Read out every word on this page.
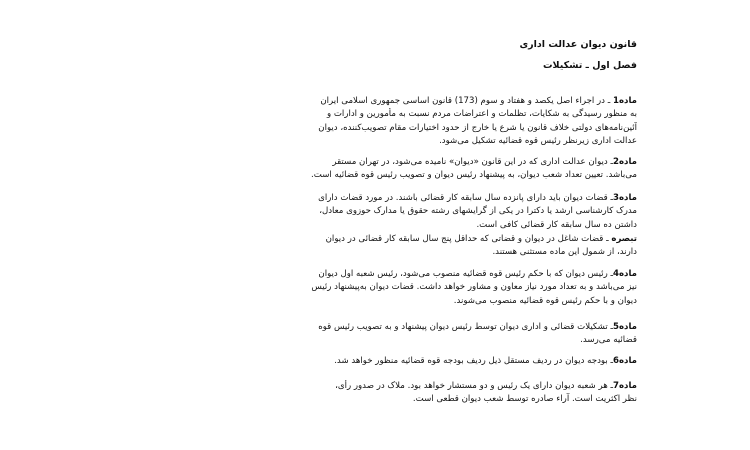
قانون دیوان عدالت اداری
فصل اول ـ تشکیلات
ماده1 ـ در اجراء اصل یکصد و هفتاد و سوم (173) قانون اساسی جمهوری اسلامی ایران
به منظور رسیدگی به شکایات، تظلمات و اعتراضات مردم نسبت به مأمورین و ادارات و
آئین‌نامه‌های دولتی خلاف قانون یا شرع یا خارج از حدود اختیارات مقام تصویب‌کننده، دیوان
عدالت اداری زیرنظر رئیس قوه قضائیه تشکیل می‌شود.
ماده2ـ دیوان عدالت اداری که در این قانون «دیوان» نامیده می‌شود، در تهران مستقر
می‌باشد. تعیین تعداد شعب دیوان، به پیشنهاد رئیس دیوان و تصویب رئیس قوه قضائیه است.
ماده3ـ قضات دیوان باید دارای پانزده سال سابقه کار قضائی باشند. در مورد قضات دارای
مدرک کارشناسی ارشد یا دکترا در یکی از گرایشهای رشته حقوق یا مدارک حوزوی معادل،
داشتن ده سال سابقه کار قضائی کافی است.
تبصره ـ قضات شاغل در دیوان و قضاتی که حداقل پنج سال سابقه کار قضائی در دیوان
دارند، از شمول این ماده مستثنی هستند.
ماده4ـ رئیس دیوان که با حکم رئیس قوه قضائیه منصوب می‌شود، رئیس شعبه اول دیوان
نیز می‌باشد و به تعداد مورد نیاز معاون و مشاور خواهد داشت. قضات دیوان به‌پیشنهاد رئیس
دیوان و با حکم رئیس قوه قضائیه منصوب می‌شوند.
ماده5ـ تشکیلات قضائی و اداری دیوان توسط رئیس دیوان پیشنهاد و به تصویب رئیس قوه
قضائیه می‌رسد.
ماده6ـ بودجه دیوان در ردیف مستقل ذیل ردیف بودجه قوه قضائیه منظور خواهد شد.
ماده7ـ هر شعبه دیوان دارای یک رئیس و دو مستشار خواهد بود. ملاک در صدور رأی،
نظر اکثریت است. آراء صادره توسط شعب دیوان قطعی است.
